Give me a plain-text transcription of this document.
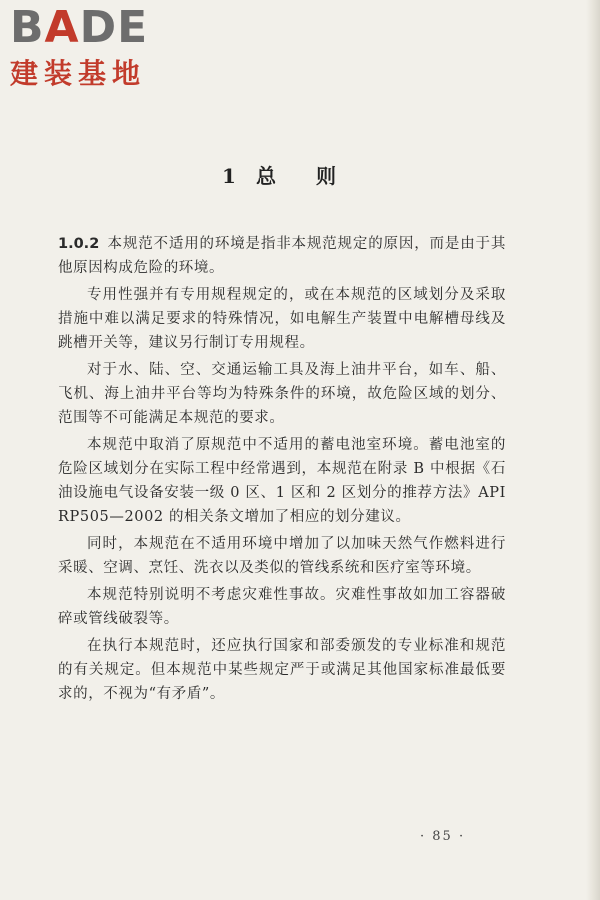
BADE
建装基地
1 总 则

1.0.2 本规范不适用的环境是指非本规范规定的原因，而是由于其他原因构成危险的环境。

专用性强并有专用规程规定的，或在本规范的区域划分及采取措施中难以满足要求的特殊情况，如电解生产装置中电解槽母线及跳槽开关等，建议另行制订专用规程。

对于水、陆、空、交通运输工具及海上油井平台，如车、船、飞机、海上油井平台等均为特殊条件的环境，故危险区域的划分、范围等不可能满足本规范的要求。

本规范中取消了原规范中不适用的蓄电池室环境。蓄电池室的危险区域划分在实际工程中经常遇到，本规范在附录 B 中根据《石油设施电气设备安装一级 0 区、1 区和 2 区划分的推荐方法》API RP505—2002 的相关条文增加了相应的划分建议。

同时，本规范在不适用环境中增加了以加味天然气作燃料进行采暖、空调、烹饪、洗衣以及类似的管线系统和医疗室等环境。

本规范特别说明不考虑灾难性事故。灾难性事故如加工容器破碎或管线破裂等。

在执行本规范时，还应执行国家和部委颁发的专业标准和规范的有关规定。但本规范中某些规定严于或满足其他国家标准最低要求的，不视为“有矛盾”。

· 85 ·
